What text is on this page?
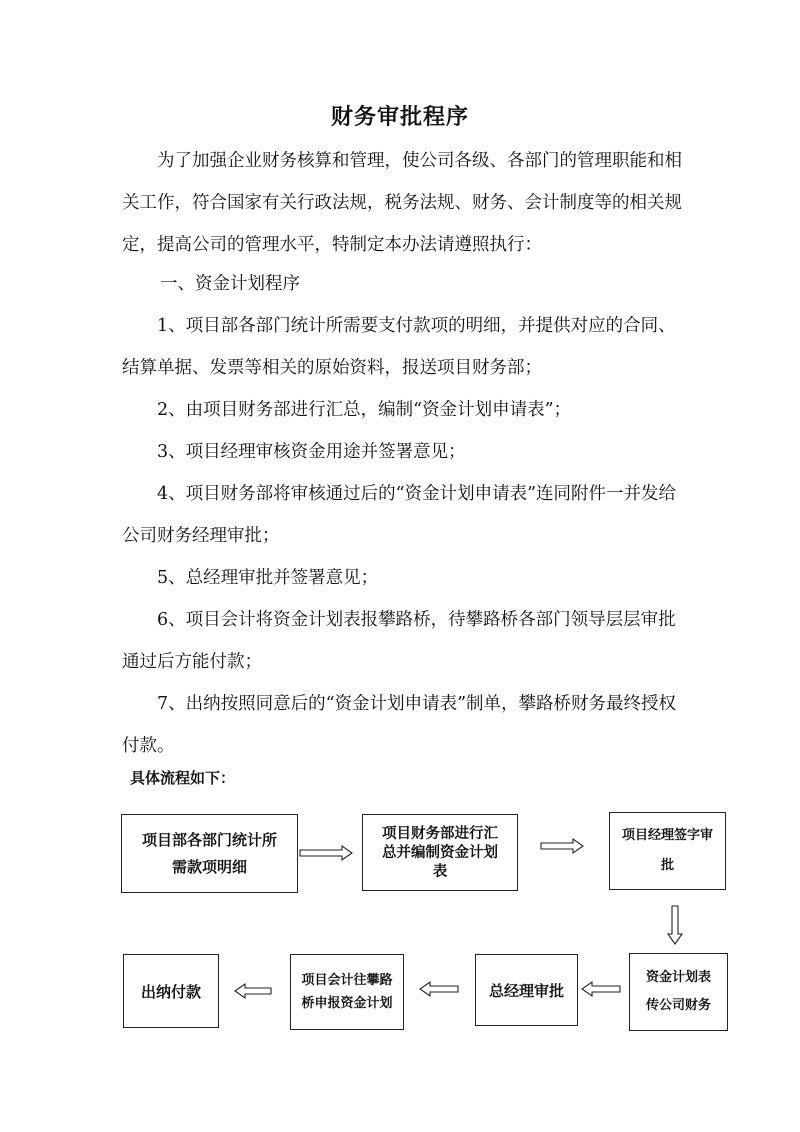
财务审批程序

为了加强企业财务核算和管理，使公司各级、各部门的管理职能和相关工作，符合国家有关行政法规，税务法规、财务、会计制度等的相关规定，提高公司的管理水平，特制定本办法请遵照执行：

一、资金计划程序

1、项目部各部门统计所需要支付款项的明细，并提供对应的合同、结算单据、发票等相关的原始资料，报送项目财务部；

2、由项目财务部进行汇总，编制“资金计划申请表”；

3、项目经理审核资金用途并签署意见；

4、项目财务部将审核通过后的“资金计划申请表”连同附件一并发给公司财务经理审批；

5、总经理审批并签署意见；

6、项目会计将资金计划表报攀路桥，待攀路桥各部门领导层层审批通过后方能付款；

7、出纳按照同意后的“资金计划申请表”制单，攀路桥财务最终授权付款。

具体流程如下：
项目部各部门统计所需款项明细
项目财务部进行汇总并编制资金计划表
项目经理签字审批
资金计划表传公司财务
总经理审批
项目会计往攀路桥申报资金计划
出纳付款
